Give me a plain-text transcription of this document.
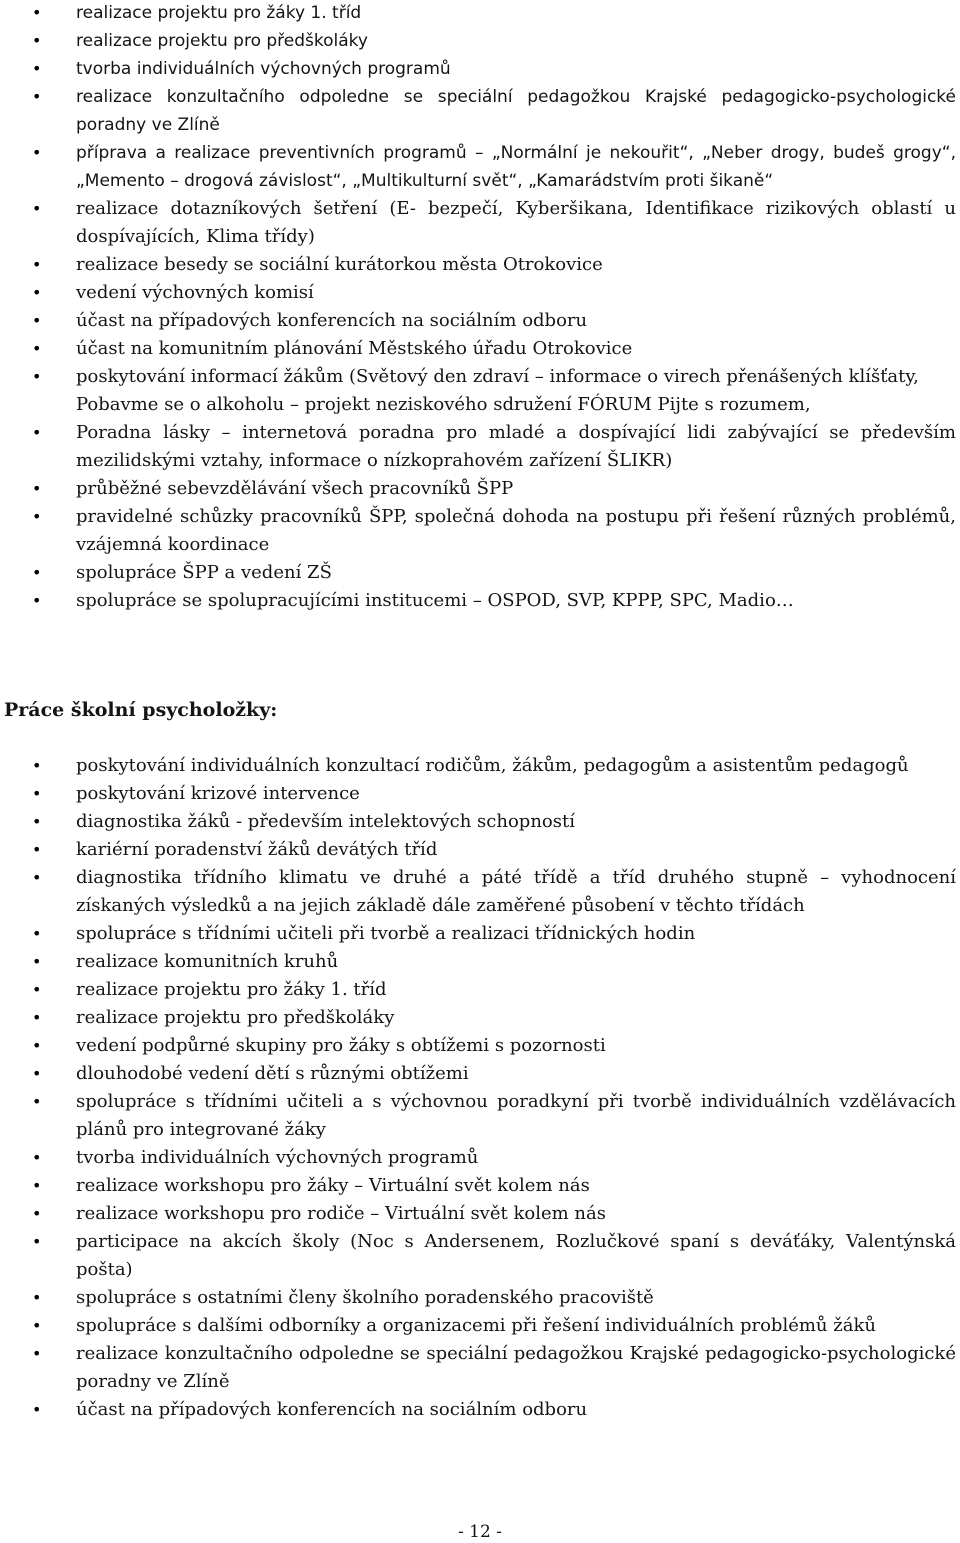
• realizace projektu pro žáky 1. tříd
• realizace projektu pro předškoláky
• tvorba individuálních výchovných programů
• realizace konzultačního odpoledne se speciální pedagožkou Krajské pedagogicko-psychologické poradny ve Zlíně
• příprava a realizace preventivních programů – „Normální je nekouřit“, „Neber drogy, budeš grogy“, „Memento – drogová závislost“, „Multikulturní svět“, „Kamarádstvím proti šikaně“
• realizace dotazníkových šetření (E- bezpečí, Kyberšikana, Identifikace rizikových oblastí u dospívajících, Klima třídy)
• realizace besedy se sociální kurátorkou města Otrokovice
• vedení výchovných komisí
• účast na případových konferencích na sociálním odboru
• účast na komunitním plánování Městského úřadu Otrokovice
• poskytování informací žákům (Světový den zdraví – informace o virech přenášených klíšťaty,
Pobavme se o alkoholu – projekt neziskového sdružení FÓRUM Pijte s rozumem,
• Poradna lásky – internetová poradna pro mladé a dospívající lidi zabývající se především mezilidskými vztahy, informace o nízkoprahovém zařízení ŠLIKR)
• průběžné sebevzdělávání všech pracovníků ŠPP
• pravidelné schůzky pracovníků ŠPP, společná dohoda na postupu při řešení různých problémů, vzájemná koordinace
• spolupráce ŠPP a vedení ZŠ
• spolupráce se spolupracujícími institucemi – OSPOD, SVP, KPPP, SPC, Madio…
Práce školní psycholožky:
• poskytování individuálních konzultací rodičům, žákům, pedagogům a asistentům pedagogů
• poskytování krizové intervence
• diagnostika žáků - především intelektových schopností
• kariérní poradenství žáků devátých tříd
• diagnostika třídního klimatu ve druhé a páté třídě a tříd druhého stupně – vyhodnocení získaných výsledků a na jejich základě dále zaměřené působení v těchto třídách
• spolupráce s třídními učiteli při tvorbě a realizaci třídnických hodin
• realizace komunitních kruhů
• realizace projektu pro žáky 1. tříd
• realizace projektu pro předškoláky
• vedení podpůrné skupiny pro žáky s obtížemi s pozornosti
• dlouhodobé vedení dětí s různými obtížemi
• spolupráce s třídními učiteli a s výchovnou poradkyní při tvorbě individuálních vzdělávacích plánů pro integrované žáky
• tvorba individuálních výchovných programů
• realizace workshopu pro žáky – Virtuální svět kolem nás
• realizace workshopu pro rodiče – Virtuální svět kolem nás
• participace na akcích školy (Noc s Andersenem, Rozlučkové spaní s deváťáky, Valentýnská pošta)
• spolupráce s ostatními členy školního poradenského pracoviště
• spolupráce s dalšími odborníky a organizacemi při řešení individuálních problémů žáků
• realizace konzultačního odpoledne se speciální pedagožkou Krajské pedagogicko-psychologické poradny ve Zlíně
• účast na případových konferencích na sociálním odboru
- 12 -
